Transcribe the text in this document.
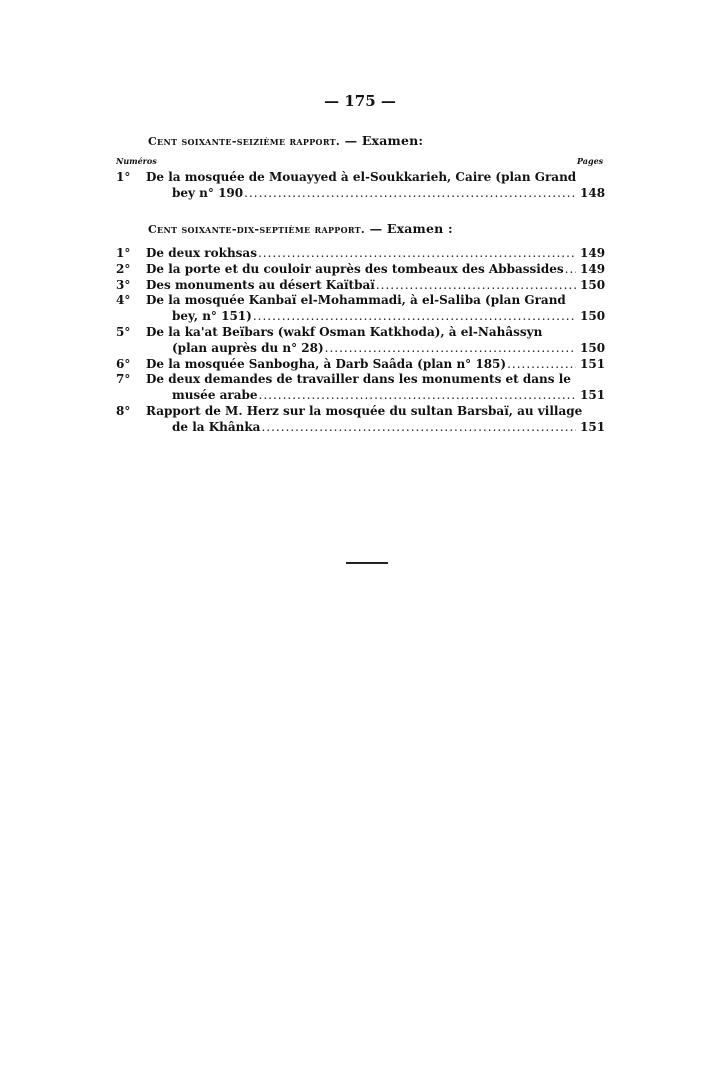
— 175 —
Cent soixante-seizième rapport. — Examen:
Numéros	Pages
1°	De la mosquée de Mouayyed à el-Soukkarieh, Caire (plan Grand
bey n° 190 .....	148
Cent soixante-dix-septième rapport. — Examen :
1°	De deux rokhsas .....	149
2°	De la porte et du couloir auprès des tombeaux des Abbassides ..... 149
3°	Des monuments au désert Kaïtbaï .....	150
4°	De la mosquée Kanbaï el-Mohammadi, à el-Saliba (plan Grand
bey, n° 151) .....	150
5°	De la ka'at Beïbars (wakf Osman Katkhoda), à el-Nahâssyn
(plan auprès du n° 28) .....	150
6°	De la mosquée Sanbogha, à Darb Saâda (plan n° 185) .....	151
7°	De deux demandes de travailler dans les monuments et dans le
musée arabe .....	151
8°	Rapport de M. Herz sur la mosquée du sultan Barsbaï, au village
de la Khânka .....	151
